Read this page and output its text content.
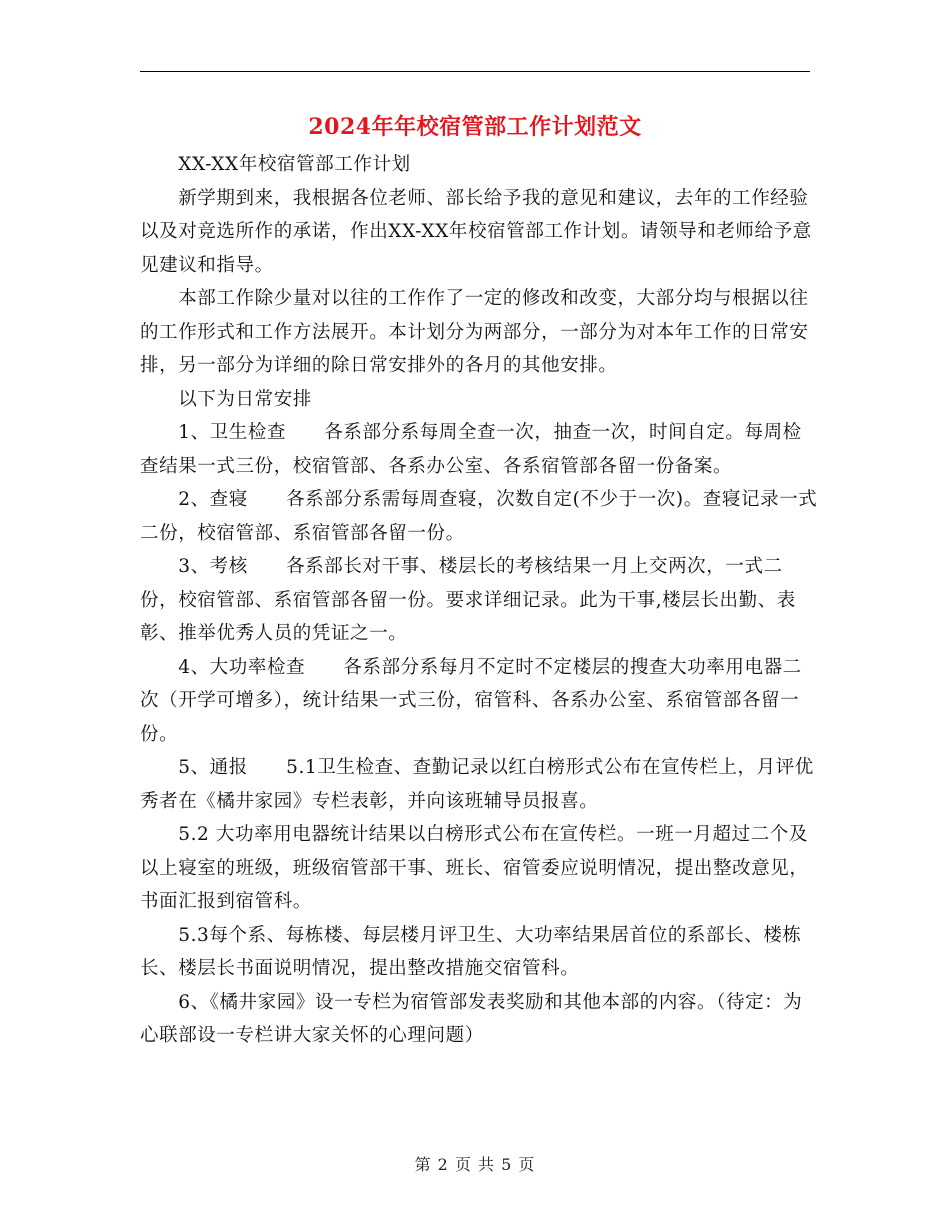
2024年年校宿管部工作计划范文

　　XX-XX年校宿管部工作计划

　　新学期到来，我根据各位老师、部长给予我的意见和建议，去年的工作经验以及对竞选所作的承诺，作出XX-XX年校宿管部工作计划。请领导和老师给予意见建议和指导。

　　本部工作除少量对以往的工作作了一定的修改和改变，大部分均与根据以往的工作形式和工作方法展开。本计划分为两部分，一部分为对本年工作的日常安排，另一部分为详细的除日常安排外的各月的其他安排。

　　以下为日常安排

　　1、卫生检查　　各系部分系每周全查一次，抽查一次，时间自定。每周检查结果一式三份，校宿管部、各系办公室、各系宿管部各留一份备案。

　　2、查寝　　各系部分系需每周查寝，次数自定(不少于一次)。查寝记录一式二份，校宿管部、系宿管部各留一份。

　　3、考核　　各系部长对干事、楼层长的考核结果一月上交两次，一式二份，校宿管部、系宿管部各留一份。要求详细记录。此为干事,楼层长出勤、表彰、推举优秀人员的凭证之一。

　　4、大功率检查　　各系部分系每月不定时不定楼层的搜查大功率用电器二次（开学可增多），统计结果一式三份，宿管科、各系办公室、系宿管部各留一份。

　　5、通报　　5.1卫生检查、查勤记录以红白榜形式公布在宣传栏上，月评优秀者在《橘井家园》专栏表彰，并向该班辅导员报喜。

　　5.2 大功率用电器统计结果以白榜形式公布在宣传栏。一班一月超过二个及以上寝室的班级，班级宿管部干事、班长、宿管委应说明情况，提出整改意见，书面汇报到宿管科。

　　5.3每个系、每栋楼、每层楼月评卫生、大功率结果居首位的系部长、楼栋长、楼层长书面说明情况，提出整改措施交宿管科。

　　6、《橘井家园》设一专栏为宿管部发表奖励和其他本部的内容。（待定：为心联部设一专栏讲大家关怀的心理问题）

第 2 页 共 5 页
